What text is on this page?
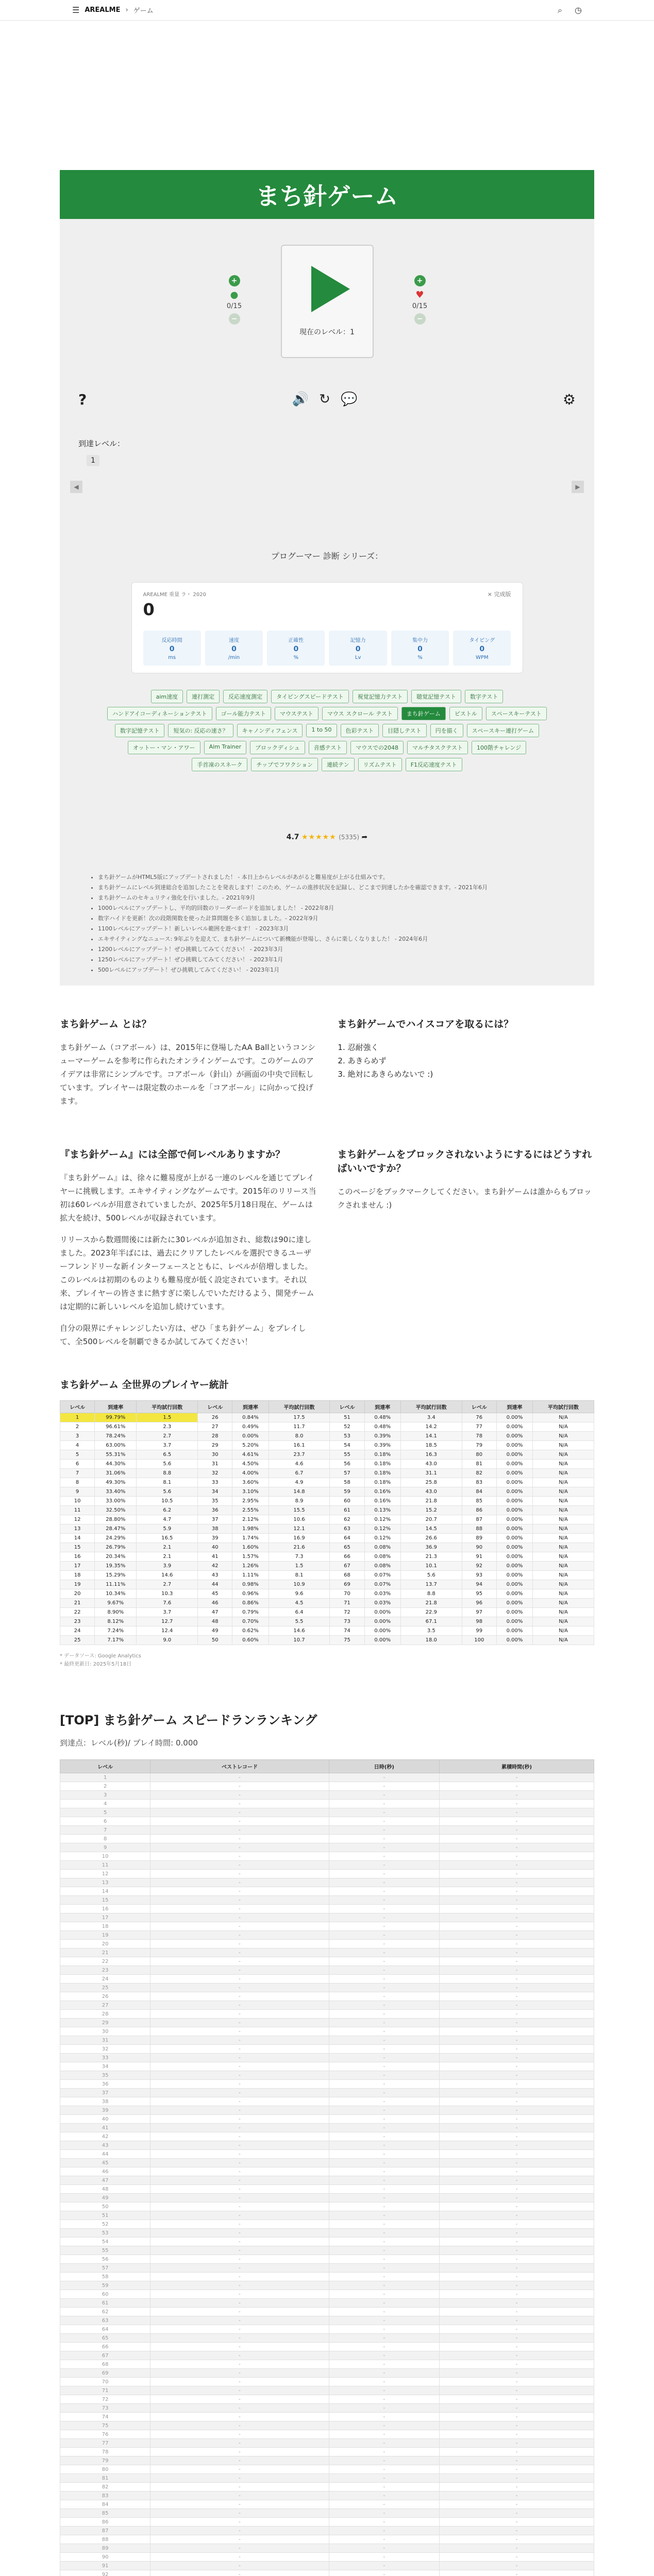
☰ AREALME › ゲーム	⌕ ◷
まち針ゲーム
+
●
0/15
−
現在のレベル：1
+
♥
0/15
−
?	🔊 ↻ 💬	⚙
到達レベル：
1
◀	▶
プログーマー 診断 シリーズ：
× 完成版
AREALME 重量 ラ・ 2020
0
反応時間
0
ms
速度
0
/min
正確性
0
%
記憶力
0
Lv
集中力
0
%
タイピング
0
WPM
aim速度	連打測定	反応速度測定	タイピングスピードテスト	視覚記憶力テスト	聴覚記憶テスト	数字テスト
ハンドアイコーディネーションテスト	ゴール能力テスト	マウステスト	マウス スクロール テスト	まち針ゲーム	ピストル	スペースキーテスト
数字記憶テスト	短気の: 反応の速さ？	キャノンディフェンス	1 to 50	色彩テスト	目隠しテスト	円を描く	スペースキー連打ゲーム
オットー・マン・アワー	Aim Trainer	ブロックディシュ	音感テスト	マウスでの2048	マルチタスクテスト	100階チャレンジ
手首凍のスネーク	チップでフワクション	連続テン	リズムテスト	F1反応速度テスト
4.7 ★★★★★ (5335) ➦
• まち針ゲームがHTML5版にアップデートされました！ - 本日上からレベルがあがると難易度が上がる仕組みです。
• まち針ゲームにレベル到達総合を追加したことを発表します！このため、ゲームの進捗状況を記録し、どこまで到達したかを確認できます。- 2021年6月
• まち針ゲームのセキュリティ強化を行いました。- 2021年9月
• 1000レベルにアップデートし、平均的回数のリーダーボードを追加しました！ - 2022年8月
• 数字ハイドを更新！次の段階関数を使った計算問題を多く追加しました。- 2022年9月
• 1100レベルにアップデート！新しいレベル範囲を遊べます！ - 2023年3月
• エキサイティングなニュース: 9年ぶりを迎えて、まち針ゲームについて新機能が登場し、さらに楽しくなりました！ - 2024年6月
• 1200レベルにアップデート！ぜひ挑戦してみてください！ - 2023年3月
• 1250レベルにアップデート！ぜひ挑戦してみてください！ - 2023年1月
• 500レベルにアップデート！ぜひ挑戦してみてください！ - 2023年1月
まち針ゲーム とは？

まち針ゲーム（コアボール）は、2015年に登場したAA Ballというコンシューマーゲームを参考に作られたオンラインゲームです。このゲームのアイデアは非常にシンプルです。コアボール（針山）が画面の中央で回転しています。プレイヤーは限定数のホールを「コアボール」に向かって投げます。

まち針ゲームでハイスコアを取るには？
1. 忍耐強く
2. あきらめず
3. 絶対にあきらめないで :)
『まち針ゲーム』には全部で何レベルありますか？

『まち針ゲーム』は、徐々に難易度が上がる一連のレベルを通じてプレイヤーに挑戦します。エキサイティングなゲームです。2015年のリリース当初は60レベルが用意されていましたが、2025年5月18日現在、ゲームは拡大を続け、500レベルが収録されています。

リリースから数週間後には新たに30レベルが追加され、総数は90に達しました。2023年半ばには、過去にクリアしたレベルを選択できるユーザーフレンドリーな新インターフェースとともに、レベルが倍増しました。このレベルは初期のものよりも難易度が低く設定されています。それ以来、プレイヤーの皆さまに熱すぎに楽しんでいただけるよう、開発チームは定期的に新しいレベルを追加し続けています。

自分の限界にチャレンジしたい方は、ぜひ「まち針ゲーム」をプレイして、全500レベルを制覇できるか試してみてください！

まち針ゲームをブロックされないようにするにはどうすればいいですか？

このページをブックマークしてください。まち針ゲームは誰からもブロックされません :)

まち針ゲーム 全世界のプレイヤー統計
レベル	到達率	平均試行回数	レベル	到達率	平均試行回数	レベル	到達率	平均試行回数	レベル	到達率	平均試行回数
1	99.79%	1.5	26	0.84%	17.5	51	0.48%	3.4	76	0.00%	N/A
2	96.61%	2.3	27	0.49%	11.7	52	0.48%	14.2	77	0.00%	N/A
3	78.24%	2.7	28	0.00%	8.0	53	0.39%	14.1	78	0.00%	N/A
4	63.00%	3.7	29	5.20%	16.1	54	0.39%	18.5	79	0.00%	N/A
5	55.31%	6.5	30	4.61%	23.7	55	0.18%	16.3	80	0.00%	N/A
6	44.30%	5.6	31	4.50%	4.6	56	0.18%	43.0	81	0.00%	N/A
7	31.06%	8.8	32	4.00%	6.7	57	0.18%	31.1	82	0.00%	N/A
8	49.30%	8.1	33	3.60%	4.9	58	0.18%	25.8	83	0.00%	N/A
9	33.40%	5.6	34	3.10%	14.8	59	0.16%	43.0	84	0.00%	N/A
10	33.00%	10.5	35	2.95%	8.9	60	0.16%	21.8	85	0.00%	N/A
11	32.50%	6.2	36	2.55%	15.5	61	0.13%	15.2	86	0.00%	N/A
12	28.80%	4.7	37	2.12%	10.6	62	0.12%	20.7	87	0.00%	N/A
13	28.47%	5.9	38	1.98%	12.1	63	0.12%	14.5	88	0.00%	N/A
14	24.29%	16.5	39	1.74%	16.9	64	0.12%	26.6	89	0.00%	N/A
15	26.79%	2.1	40	1.60%	21.6	65	0.08%	36.9	90	0.00%	N/A
16	20.34%	2.1	41	1.57%	7.3	66	0.08%	21.3	91	0.00%	N/A
17	19.35%	3.9	42	1.26%	1.5	67	0.08%	10.1	92	0.00%	N/A
18	15.29%	14.6	43	1.11%	8.1	68	0.07%	5.6	93	0.00%	N/A
19	11.11%	2.7	44	0.98%	10.9	69	0.07%	13.7	94	0.00%	N/A
20	10.34%	10.3	45	0.96%	9.6	70	0.03%	8.8	95	0.00%	N/A
21	9.67%	7.6	46	0.86%	4.5	71	0.03%	21.8	96	0.00%	N/A
22	8.90%	3.7	47	0.79%	6.4	72	0.00%	22.9	97	0.00%	N/A
23	8.12%	12.7	48	0.70%	5.5	73	0.00%	67.1	98	0.00%	N/A
24	7.24%	12.4	49	0.62%	14.6	74	0.00%	3.5	99	0.00%	N/A
25	7.17%	9.0	50	0.60%	10.7	75	0.00%	18.0	100	0.00%	N/A
* データソース: Google Analytics
* 最終更新日: 2025年5月18日
[TOP] まち針ゲーム スピードランランキング
到達点：レベル(秒)/ プレイ時間: 0.000
レベル	ベストレコード	日時(秒)	累積時間(秒)
1	-	-	-
2	-	-	-
3	-	-	-
4	-	-	-
5	-	-	-
6	-	-	-
7	-	-	-
8	-	-	-
9	-	-	-
10	-	-	-
11	-	-	-
12	-	-	-
13	-	-	-
14	-	-	-
15	-	-	-
16	-	-	-
17	-	-	-
18	-	-	-
19	-	-	-
20	-	-	-
21	-	-	-
22	-	-	-
23	-	-	-
24	-	-	-
25	-	-	-
26	-	-	-
27	-	-	-
28	-	-	-
29	-	-	-
30	-	-	-
31	-	-	-
32	-	-	-
33	-	-	-
34	-	-	-
35	-	-	-
36	-	-	-
37	-	-	-
38	-	-	-
39	-	-	-
40	-	-	-
41	-	-	-
42	-	-	-
43	-	-	-
44	-	-	-
45	-	-	-
46	-	-	-
47	-	-	-
48	-	-	-
49	-	-	-
50	-	-	-
51	-	-	-
52	-	-	-
53	-	-	-
54	-	-	-
55	-	-	-
56	-	-	-
57	-	-	-
58	-	-	-
59	-	-	-
60	-	-	-
61	-	-	-
62	-	-	-
63	-	-	-
64	-	-	-
65	-	-	-
66	-	-	-
67	-	-	-
68	-	-	-
69	-	-	-
70	-	-	-
71	-	-	-
72	-	-	-
73	-	-	-
74	-	-	-
75	-	-	-
76	-	-	-
77	-	-	-
78	-	-	-
79	-	-	-
80	-	-	-
81	-	-	-
82	-	-	-
83	-	-	-
84	-	-	-
85	-	-	-
86	-	-	-
87	-	-	-
88	-	-	-
89	-	-	-
90	-	-	-
91	-	-	-
92	-	-	-
